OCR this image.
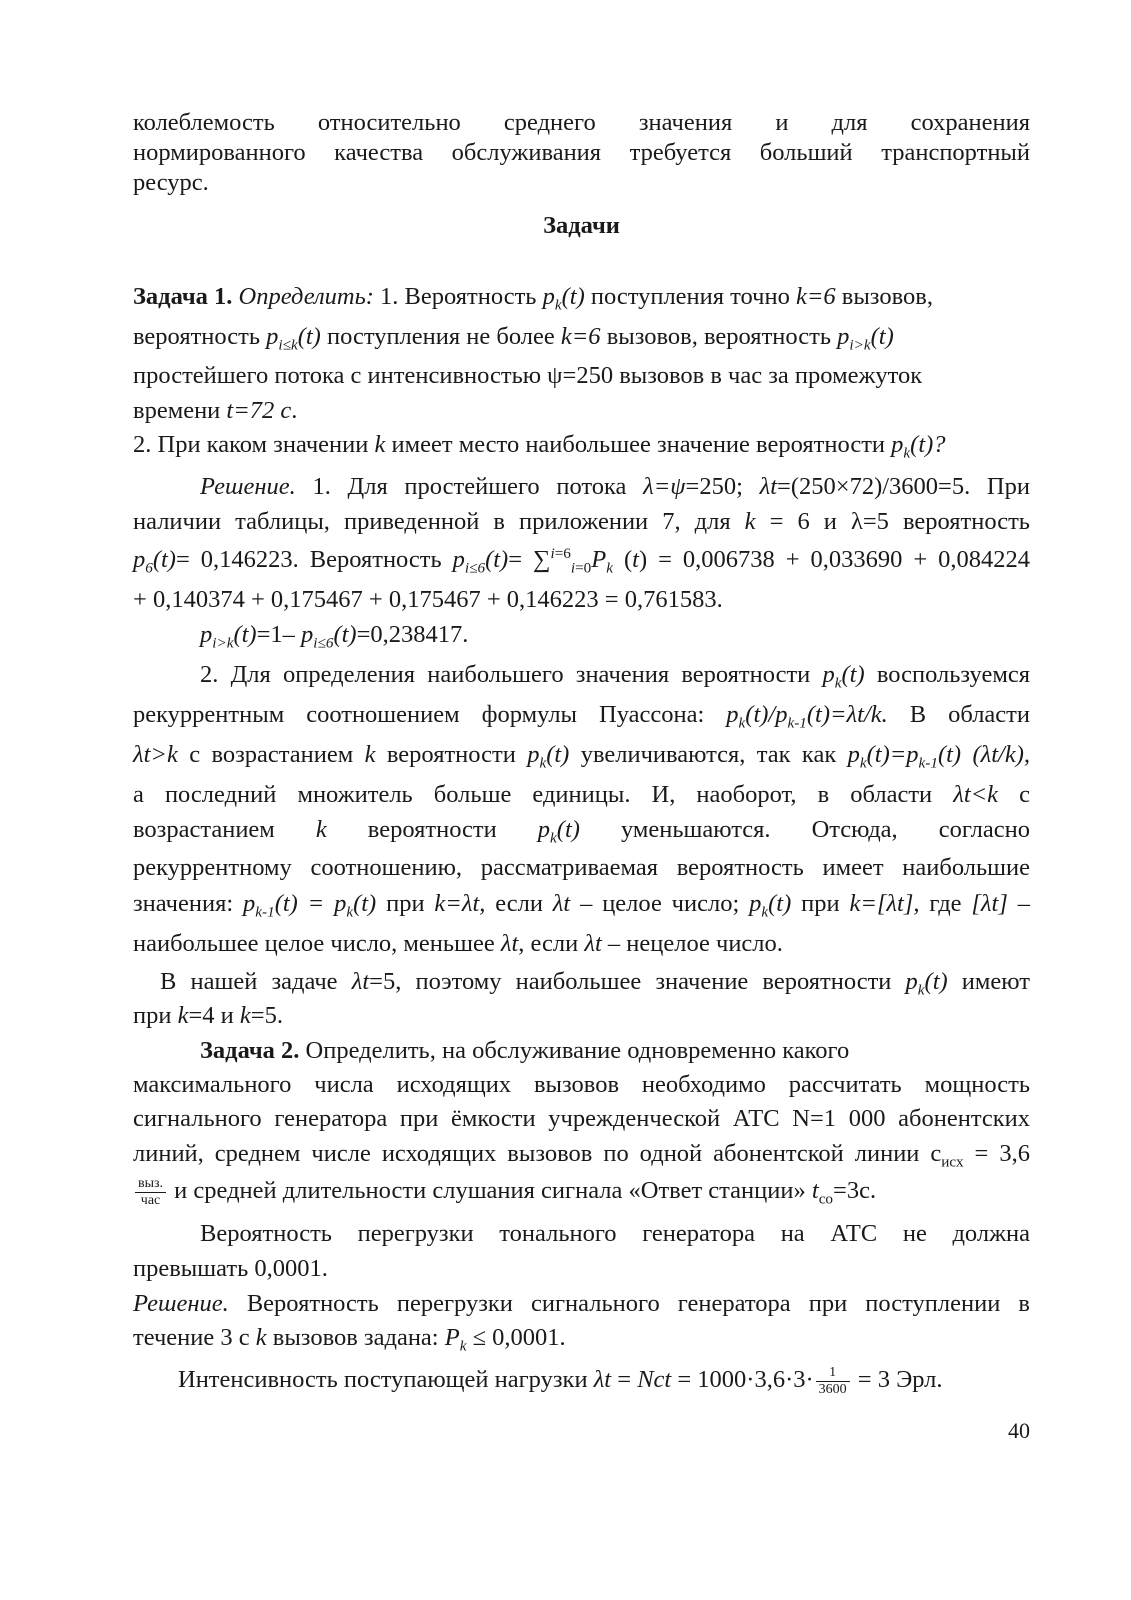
колеблемость относительно среднего значения и для сохранения
нормированного качества обслуживания требуется больший транспортный
ресурс.
Задачи
Задача 1. Определить: 1. Вероятность $p_k(t)$ поступления точно k=6 вызовов,
вероятность $p_{i\le k}(t)$ поступления не более k=6 вызовов, вероятность $p_{i>k}(t)$
простейшего потока с интенсивностью ψ=250 вызовов в час за промежуток
времени t=72 с.
2. При каком значении k имеет место наибольшее значение вероятности $p_k(t)$?
Решение. 1. Для простейшего потока λ=ψ=250; λt=(250×72)/3600=5. При
наличии таблицы, приведенной в приложении 7, для k = 6 и λ=5 вероятность
$p_6(t)= 0,146223$. Вероятность $p_{i\le 6}(t)= \sum^{i=6}_{i=0}P_k$ (t) = 0,006738 + 0,033690 + 0,084224
+ 0,140374 + 0,175467 + 0,175467 + 0,146223 = 0,761583.
$p_{i>k}(t)=1-$ $p_{i\le 6}(t)=0,238417$.
2. Для определения наибольшего значения вероятности $p_k(t)$ воспользуемся
рекуррентным соотношением формулы Пуассона: $p_k(t)/p_{k-1}(t)=\lambda t/k$. В области
λt>k с возрастанием k вероятности $p_k(t)$ увеличиваются, так как $p_k(t)=p_{k-1}(t)$ (λt/k),
а последний множитель больше единицы. И, наоборот, в области λt<k с
возрастанием k вероятности $p_k(t)$ уменьшаются. Отсюда, согласно
рекуррентному соотношению, рассматриваемая вероятность имеет наибольшие
значения: $p_{k-1}(t) = p_k(t)$ при k=λt, если λt – целое число; $p_k(t)$ при k=[λt], где [λt] –
наибольшее целое число, меньшее λt, если λt – нецелое число.
В нашей задаче λt=5, поэтому наибольшее значение вероятности $p_k(t)$ имеют
при k=4 и k=5.
Задача 2. Определить, на обслуживание одновременно какого
максимального числа исходящих вызовов необходимо рассчитать мощность
сигнального генератора при ёмкости учрежденческой АТС N=1 000 абонентских
линий, среднем числе исходящих вызовов по одной абонентской линии $с_{исх} = 3,6$
$\frac{\text{выз.}}{\text{час}}$ и средней длительности слушания сигнала «Ответ станции» $t_{со}=3с$.
Вероятность перегрузки тонального генератора на АТС не должна
превышать 0,0001.
Решение. Вероятность перегрузки сигнального генератора при поступлении в
течение 3 с k вызовов задана: $P_k \le 0,0001$.
Интенсивность поступающей нагрузки λt = Nct = $1000\cdot 3,6\cdot 3\cdot \frac{1}{3600} = 3$ Эрл.
40
